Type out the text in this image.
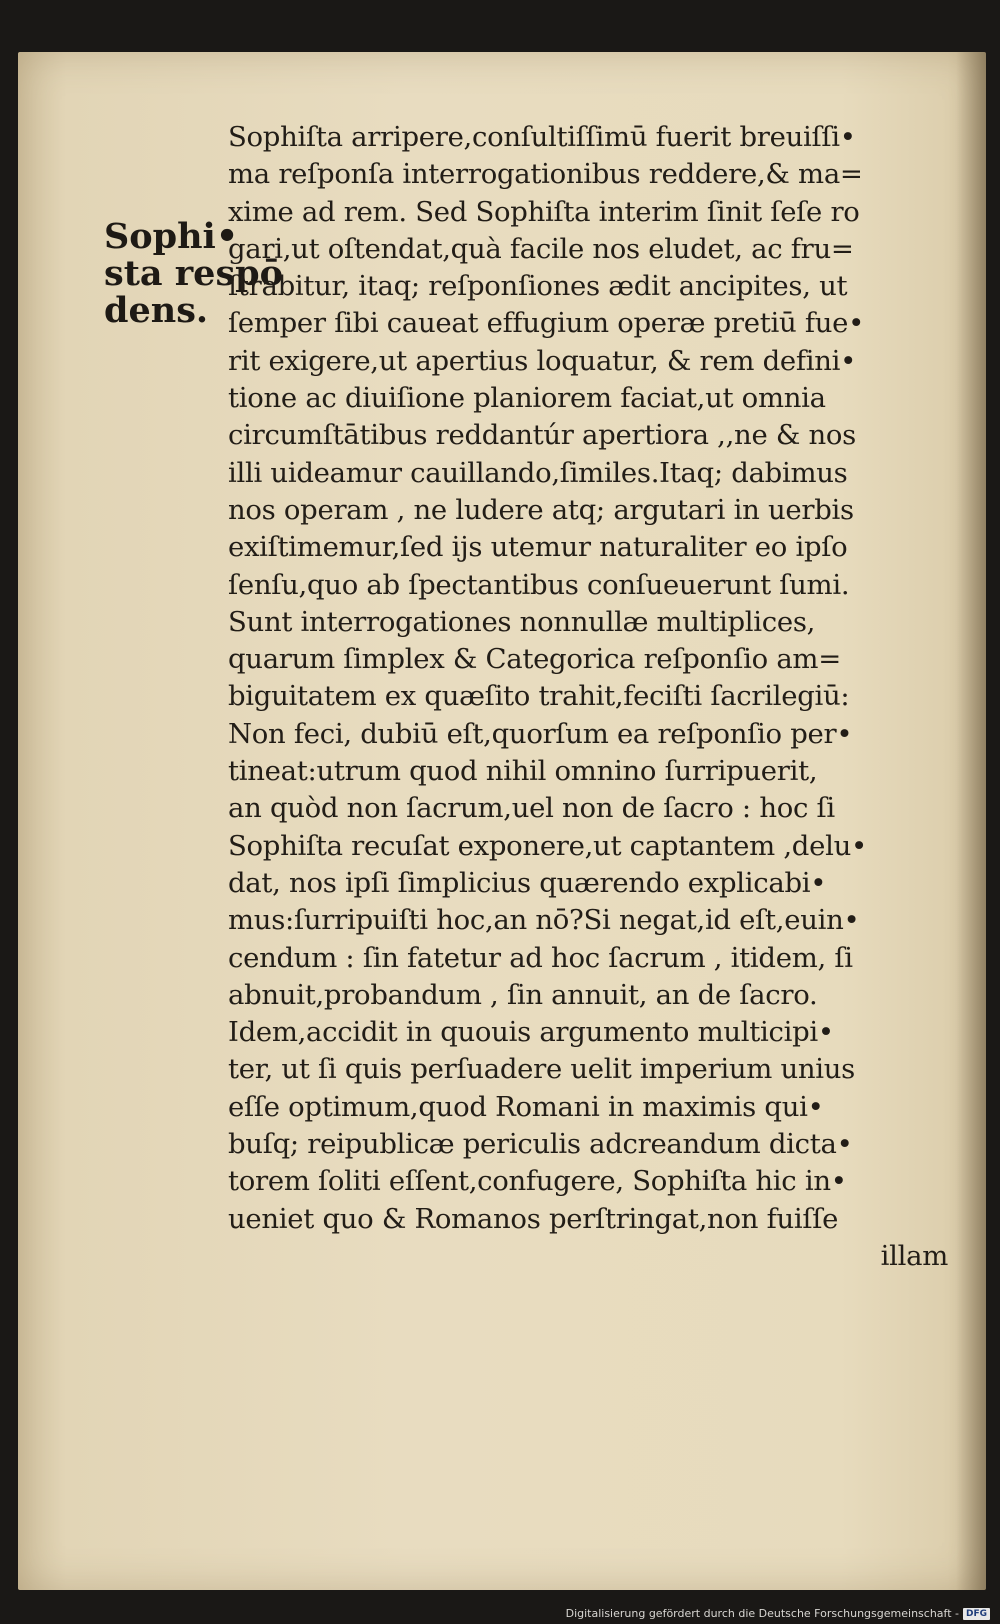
Sophi•
sta respō
dens.
Sophiſta arripere,conſultiſſimū fuerit breuiſſi•
ma reſponſa interrogationibus reddere,& ma=
xime ad rem. Sed Sophiſta interim ſinit ſeſe ro
gari,ut oſtendat,quà facile nos eludet, ac fru=
ſtrabitur, itaq; reſponſiones ædit ancipites, ut
ſemper ſibi caueat effugium operæ pretiū fue•
rit exigere,ut apertius loquatur, & rem defini•
tione ac diuiſione planiorem faciat,ut omnia
circumſtātibus reddantúr apertiora ,,ne & nos
illi uideamur cauillando,ſimiles.Itaq; dabimus
nos operam , ne ludere atq; argutari in uerbis
exiſtimemur,ſed ijs utemur naturaliter eo ipſo
ſenſu,quo ab ſpectantibus conſueuerunt ſumi.
Sunt interrogationes nonnullæ multiplices,
quarum ſimplex & Categorica reſponſio am=
biguitatem ex quæſito trahit,feciſti ſacrilegiū:
Non feci, dubiū eſt,quorſum ea reſponſio per•
tineat:utrum quod nihil omnino ſurripuerit,
an quòd non ſacrum,uel non de ſacro : hoc ſi
Sophiſta recuſat exponere,ut captantem ,delu•
dat, nos ipſi ſimplicius quærendo explicabi•
mus:ſurripuiſti hoc,an nō?Si negat,id eſt,euin•
cendum : ſin fatetur ad hoc ſacrum , itidem, ſi
abnuit,probandum , ſin annuit, an de ſacro.
Idem,accidit in quouis argumento multicipi•
ter, ut ſi quis perſuadere uelit imperium unius
eſſe optimum,quod Romani in maximis qui•
buſq; reipublicæ periculis adcreandum dicta•
torem ſoliti eſſent,confugere, Sophiſta hic in•
ueniet quo & Romanos perſtringat,non fuiſſe
illam
Digitalisierung gefördert durch die Deutsche Forschungsgemeinschaft - DFG
